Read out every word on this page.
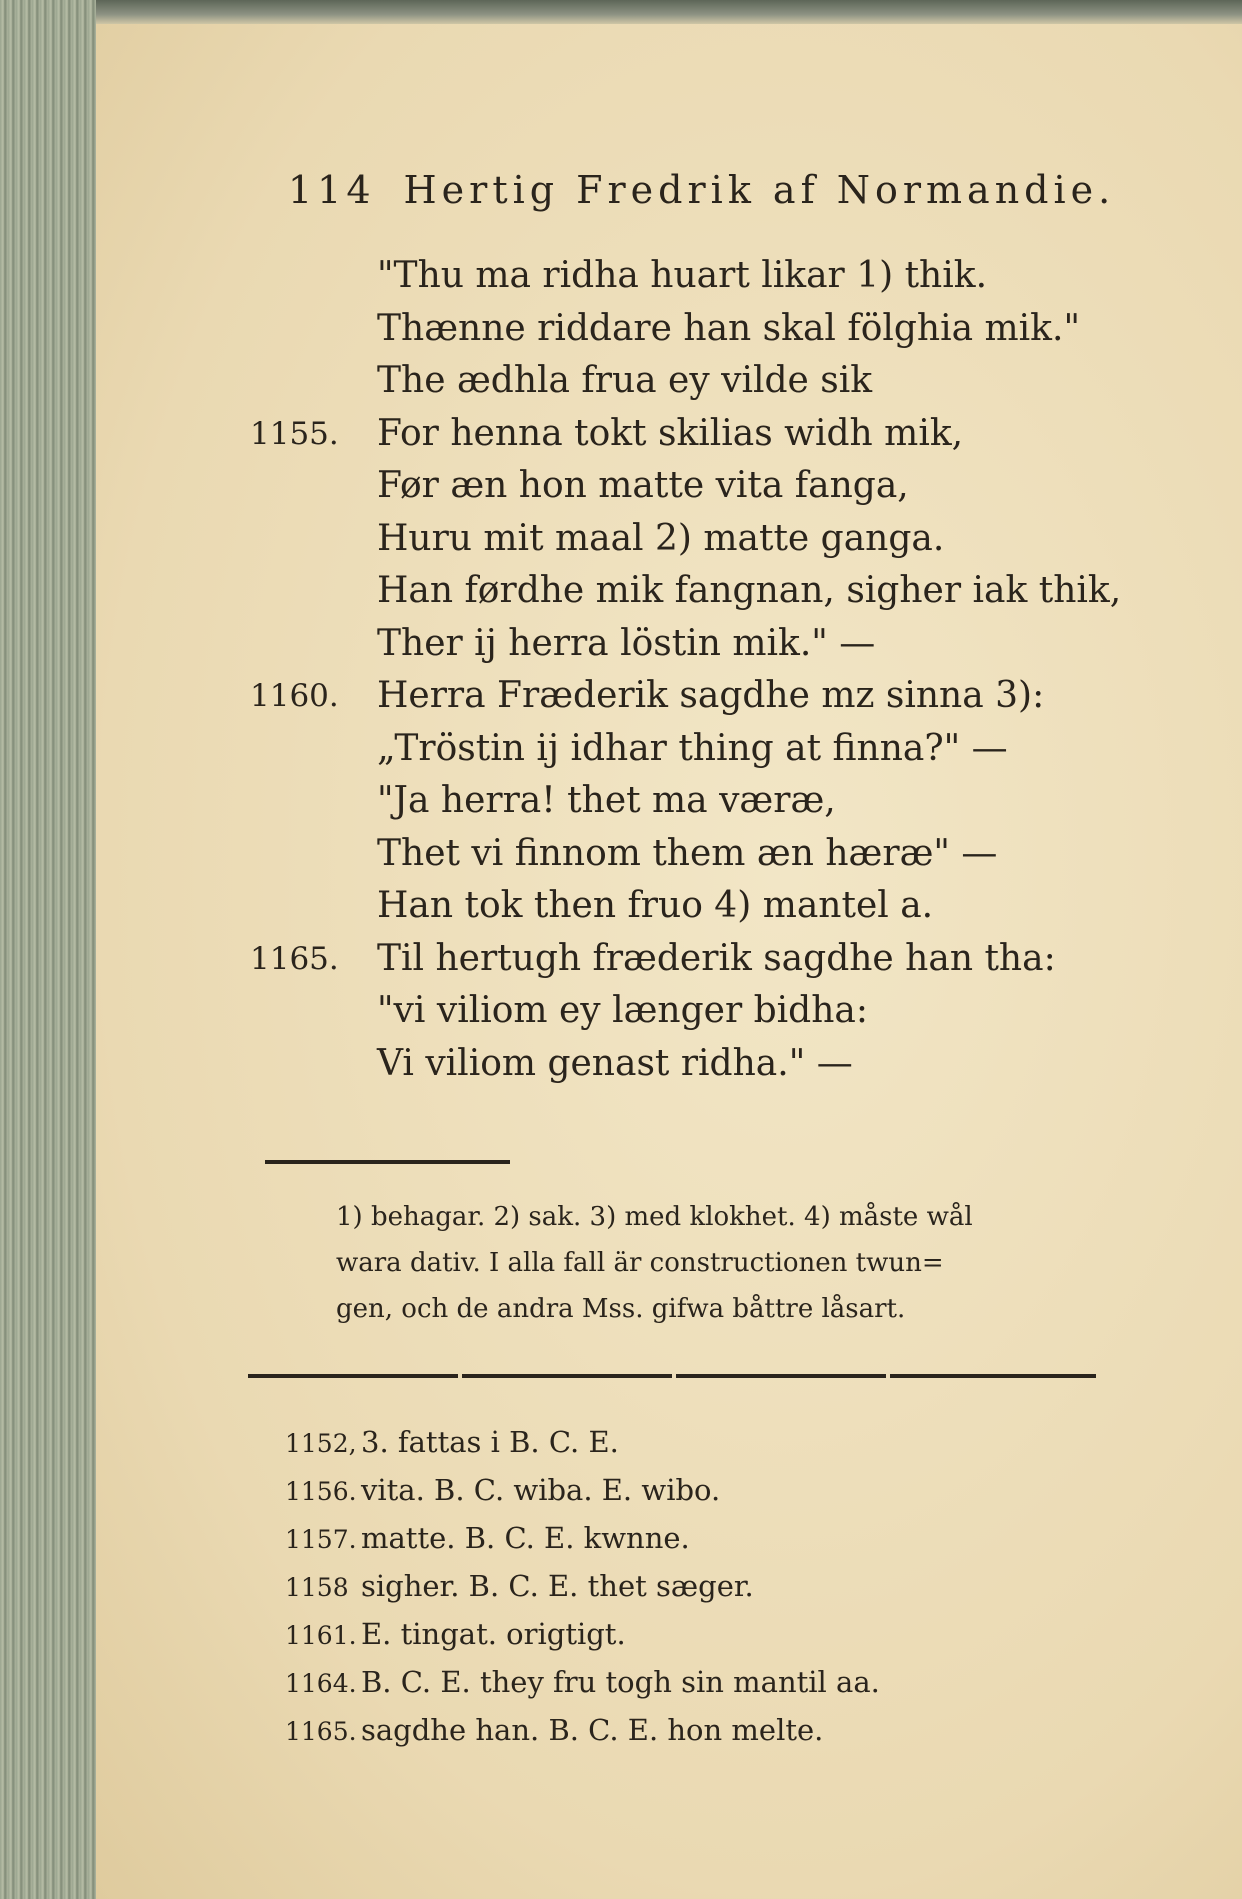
114 Hertig Fredrik af Normandie.
"Thu ma ridha huart likar 1) thik.
Thænne riddare han skal fölghia mik."
The ædhla frua ey vilde sik
1155. For henna tokt skilias widh mik,
Før æn hon matte vita fanga,
Huru mit maal 2) matte ganga.
Han førdhe mik fangnan, sigher iak thik,
Ther ij herra löstin mik." —
1160. Herra Fræderik sagdhe mz sinna 3):
„Tröstin ij idhar thing at finna?" —
"Ja herra! thet ma væræ,
Thet vi finnom them æn hæræ" —
Han tok then fruo 4) mantel a.
1165. Til hertugh fræderik sagdhe han tha:
"vi viliom ey længer bidha:
Vi viliom genast ridha." —
1) behagar. 2) sak. 3) med klokhet. 4) måste wål
wara dativ. I alla fall är constructionen twun=
gen, och de andra Mss. gifwa båttre låsart.
1152, 3. fattas i B. C. E.
1156. vita. B. C. wiba. E. wibo.
1157. matte. B. C. E. kwnne.
1158 sigher. B. C. E. thet sæger.
1161. E. tingat. origtigt.
1164. B. C. E. they fru togh sin mantil aa.
1165. sagdhe han. B. C. E. hon melte.
